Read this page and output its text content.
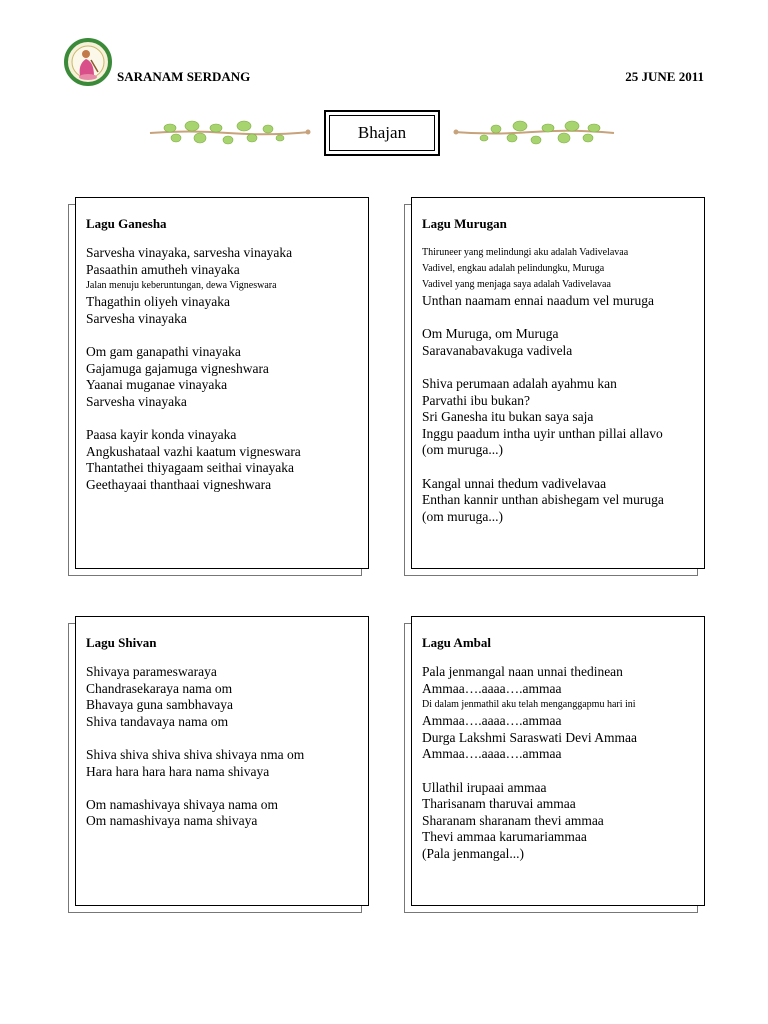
SARANAM SERDANG	25 JUNE 2011
Bhajan
Lagu Ganesha
Sarvesha vinayaka, sarvesha vinayaka
Pasaathin amutheh vinayaka
Jalan menuju keberuntungan, dewa Vigneswara
Thagathin oliyeh vinayaka
Sarvesha vinayaka
Om gam ganapathi vinayaka
Gajamuga gajamuga vigneshwara
Yaanai muganae vinayaka
Sarvesha vinayaka
Paasa kayir konda vinayaka
Angkushataal vazhi kaatum vigneswara
Thantathei thiyagaam seithai vinayaka
Geethayaai thanthaai vigneshwara
Lagu Murugan
Thiruneer yang melindungi aku adalah Vadivelavaa
Vadivel, engkau adalah pelindungku, Muruga
Vadivel yang menjaga saya adalah Vadivelavaa
Unthan naamam ennai naadum vel muruga
Om Muruga, om Muruga
Saravanabavakuga vadivela
Shiva perumaan adalah ayahmu kan
Parvathi ibu bukan?
Sri Ganesha itu bukan saya saja
Inggu paadum intha uyir unthan pillai allavo
(om muruga...)
Kangal unnai thedum vadivelavaa
Enthan kannir unthan abishegam vel muruga
(om muruga...)
Lagu Shivan
Shivaya parameswaraya
Chandrasekaraya nama om
Bhavaya guna sambhavaya
Shiva tandavaya nama om
Shiva shiva shiva shiva shivaya nma om
Hara hara hara hara nama shivaya
Om namashivaya shivaya nama om
Om namashivaya nama shivaya
Lagu Ambal
Pala jenmangal naan unnai thedinean
Ammaa….aaaa….ammaa
Di dalam jenmathil aku telah menganggapmu hari ini
Ammaa….aaaa….ammaa
Durga Lakshmi Saraswati Devi Ammaa
Ammaa….aaaa….ammaa
Ullathil irupaai ammaa
Tharisanam tharuvai ammaa
Sharanam sharanam thevi ammaa
Thevi ammaa karumariammaa
(Pala jenmangal...)
